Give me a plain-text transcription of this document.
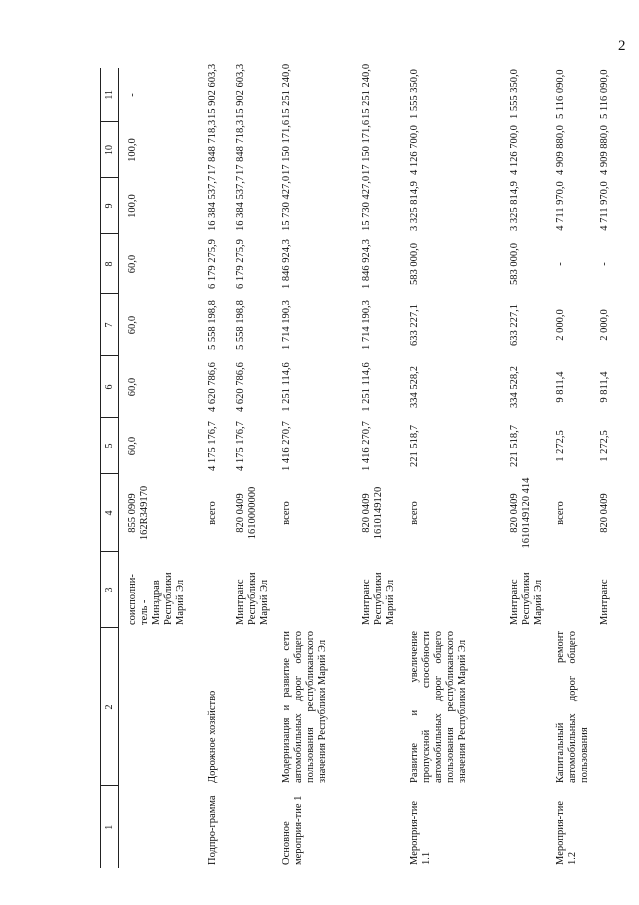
2
1	2	3	4	5	6	7	8	9	10	11
		соисполни-тель - Минздрав Республики Марий Эл	855 0909 162R349170	60,0	60,0	60,0	60,0	100,0	100,0	-
Подпро-грамма	Дорожное хозяйство		всего	4 175 176,7	4 620 786,6	5 558 198,8	6 179 275,9	16 384 537,7	17 848 718,3	15 902 603,3
		Минтранс Республики Марий Эл	820 0409 1610000000	4 175 176,7	4 620 786,6	5 558 198,8	6 179 275,9	16 384 537,7	17 848 718,3	15 902 603,3
Основное мероприя-тие 1	Модернизация и развитие сети автомобильных дорог общего пользования республиканского значения Республики Марий Эл		всего	1 416 270,7	1 251 114,6	1 714 190,3	1 846 924,3	15 730 427,0	17 150 171,6	15 251 240,0
		Минтранс Республики Марий Эл	820 0409 1610149120	1 416 270,7	1 251 114,6	1 714 190,3	1 846 924,3	15 730 427,0	17 150 171,6	15 251 240,0
Мероприя-тие 1.1	Развитие и увеличение пропускной способности автомобильных дорог общего пользования республиканского значения Республики Марий Эл		всего	221 518,7	334 528,2	633 227,1	583 000,0	3 325 814,9	4 126 700,0	1 555 350,0
		Минтранс Республики Марий Эл	820 0409 1610149120 414	221 518,7	334 528,2	633 227,1	583 000,0	3 325 814,9	4 126 700,0	1 555 350,0
Мероприя-тие 1.2	Капитальный ремонт автомобильных дорог общего пользования		всего	1 272,5	9 811,4	2 000,0	-	4 711 970,0	4 909 880,0	5 116 090,0
		Минтранс	820 0409	1 272,5	9 811,4	2 000,0	-	4 711 970,0	4 909 880,0	5 116 090,0
